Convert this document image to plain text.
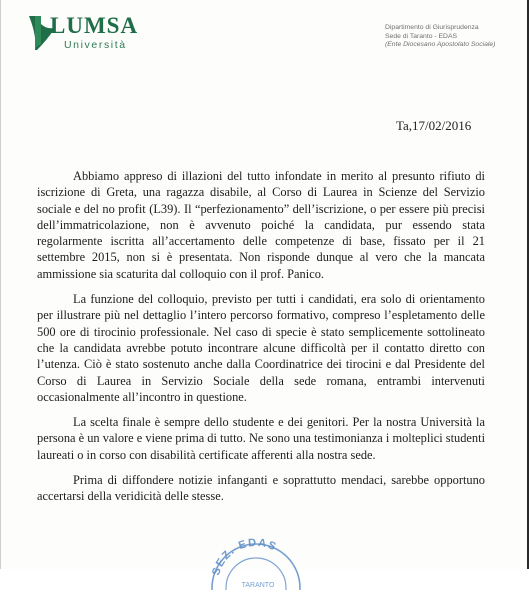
LUMSA
Università
Dipartimento di Giurisprudenza
Sede di Taranto - EDAS
(Ente Diocesano Apostolato Sociale)
Ta,17/02/2016

Abbiamo appreso di illazioni del tutto infondate in merito al presunto rifiuto di iscrizione di Greta, una ragazza disabile, al Corso di Laurea in Scienze del Servizio sociale e del no profit (L39). Il “perfezionamento” dell’iscrizione, o per essere più precisi dell’immatricolazione, non è avvenuto poiché la candidata, pur essendo stata regolarmente iscritta all’accertamento delle competenze di base, fissato per il 21 settembre 2015, non si è presentata. Non risponde dunque al vero che la mancata ammissione sia scaturita dal colloquio con il prof. Panico.

La funzione del colloquio, previsto per tutti i candidati, era solo di orientamento per illustrare più nel dettaglio l’intero percorso formativo, compreso l’espletamento delle 500 ore di tirocinio professionale. Nel caso di specie è stato semplicemente sottolineato che la candidata avrebbe potuto incontrare alcune difficoltà per il contatto diretto con l’utenza. Ciò è stato sostenuto anche dalla Coordinatrice dei tirocini e dal Presidente del Corso di Laurea in Servizio Sociale della sede romana, entrambi intervenuti occasionalmente all’incontro in questione.

La scelta finale è sempre dello studente e dei genitori. Per la nostra Università la persona è un valore e viene prima di tutto. Ne sono una testimonianza i molteplici studenti laureati o in corso con disabilità certificate afferenti alla nostra sede.

Prima di diffondere notizie infanganti e soprattutto mendaci, sarebbe opportuno accertarsi della veridicità delle stesse.

SEZ. EDAS
TARANTO
